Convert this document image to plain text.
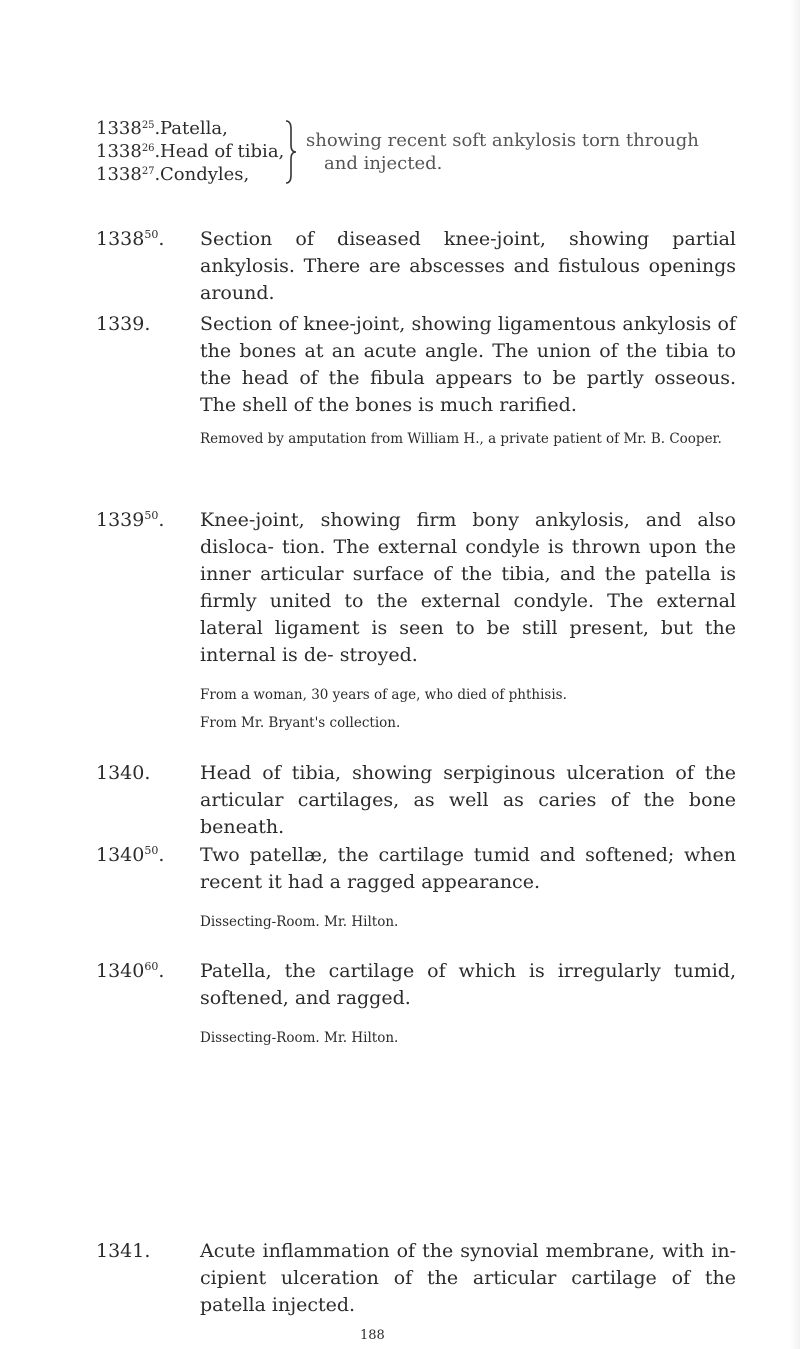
1338$^{25}$.Patella,
1338$^{26}$.Head of tibia,
1338$^{27}$.Condyles,
showing recent soft ankylosis torn through
and injected.
1338$^{50}$.	Section of diseased knee-joint, showing partial ankylosis. There are abscesses and fistulous openings around.
1339.	Section of knee-joint, showing ligamentous ankylosis of the bones at an acute angle. The union of the tibia to the head of the fibula appears to be partly osseous. The shell of the bones is much rarified.
Removed by amputation from William H., a private patient of Mr. B. Cooper.
1339$^{50}$.	Knee-joint, showing firm bony ankylosis, and also disloca- tion. The external condyle is thrown upon the inner articular surface of the tibia, and the patella is firmly united to the external condyle. The external lateral ligament is seen to be still present, but the internal is de- stroyed.
From a woman, 30 years of age, who died of phthisis.
From Mr. Bryant's collection.
1340.	Head of tibia, showing serpiginous ulceration of the articular cartilages, as well as caries of the bone beneath.
1340$^{50}$.	Two patellæ, the cartilage tumid and softened; when recent it had a ragged appearance.
Dissecting-Room. Mr. Hilton.
1340$^{60}$.	Patella, the cartilage of which is irregularly tumid, softened, and ragged.
Dissecting-Room. Mr. Hilton.
1341.	Acute inflammation of the synovial membrane, with in- cipient ulceration of the articular cartilage of the patella injected.
188
